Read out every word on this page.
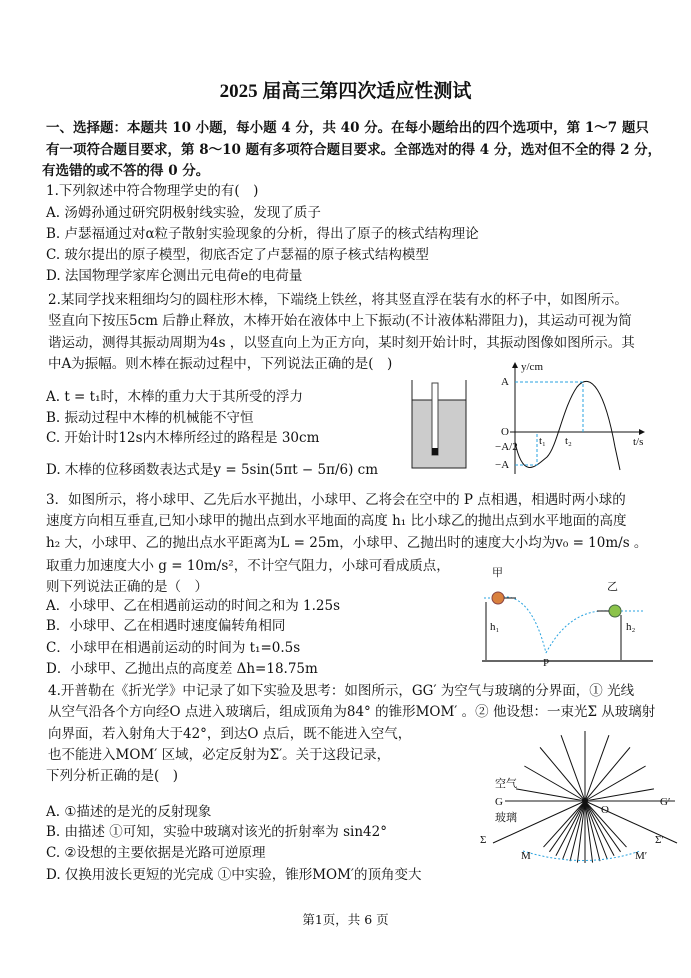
2025 届高三第四次适应性测试
一、选择题：本题共 10 小题，每小题 4 分，共 40 分。在每小题给出的四个选项中，第 1～7 题只
有一项符合题目要求，第 8～10 题有多项符合题目要求。全部选对的得 4 分，选对但不全的得 2 分，
有选错的或不答的得 0 分。
1.下列叙述中符合物理学史的有(　)
A. 汤姆孙通过研究阴极射线实验，发现了质子
B. 卢瑟福通过对α粒子散射实验现象的分析，得出了原子的核式结构理论
C. 玻尔提出的原子模型，彻底否定了卢瑟福的原子核式结构模型
D. 法国物理学家库仑测出元电荷e的电荷量
2.某同学找来粗细均匀的圆柱形木棒，下端绕上铁丝，将其竖直浮在装有水的杯子中，如图所示。
竖直向下按压5cm 后静止释放，木棒开始在液体中上下振动(不计液体粘滞阻力)，其运动可视为简
谐运动，测得其振动周期为4s ，以竖直向上为正方向，某时刻开始计时，其振动图像如图所示。其
中A为振幅。则木棒在振动过程中，下列说法正确的是(　)
A. t = t₁时，木棒的重力大于其所受的浮力
B. 振动过程中木棒的机械能不守恒
C. 开始计时12s内木棒所经过的路程是 30cm
D. 木棒的位移函数表达式是y = 5sin(5πt − 5π/6) cm
y/cm
t/s
A
O
−A/2
−A
t₁ t₂
3．如图所示，将小球甲、乙先后水平抛出，小球甲、乙将会在空中的 P 点相遇，相遇时两小球的
速度方向相互垂直,已知小球甲的抛出点到水平地面的高度 h₁ 比小球乙的抛出点到水平地面的高度
h₂ 大，小球甲、乙的抛出点水平距离为L = 25m，小球甲、乙抛出时的速度大小均为v₀ = 10m/s 。
取重力加速度大小 g = 10m/s²，不计空气阻力，小球可看成质点，
则下列说法正确的是（　）
A．小球甲、乙在相遇前运动的时间之和为 1.25s
B．小球甲、乙在相遇时速度偏转角相同
C．小球甲在相遇前运动的时间为 t₁=0.5s
D．小球甲、乙抛出点的高度差 Δh=18.75m
甲
乙
h₁	h₂
P
4.开普勒在《折光学》中记录了如下实验及思考：如图所示，GG′ 为空气与玻璃的分界面，① 光线
从空气沿各个方向经O 点进入玻璃后，组成顶角为84° 的锥形MOM′ 。② 他设想：一束光Σ 从玻璃射
向界面，若入射角大于42°，到达O 点后，既不能进入空气，
也不能进入MOM′ 区域，必定反射为Σ′。关于这段记录，
下列分析正确的是(　)
A. ①描述的是光的反射现象
B. 由描述 ①可知，实验中玻璃对该光的折射率为 sin42°
C. ②设想的主要依据是光路可逆原理
D. 仅换用波长更短的光完成 ①中实验，锥形MOM′的顶角变大
空气
G
玻璃
G′
O
Σ	Σ′
M	M′
第1页，共 6 页
